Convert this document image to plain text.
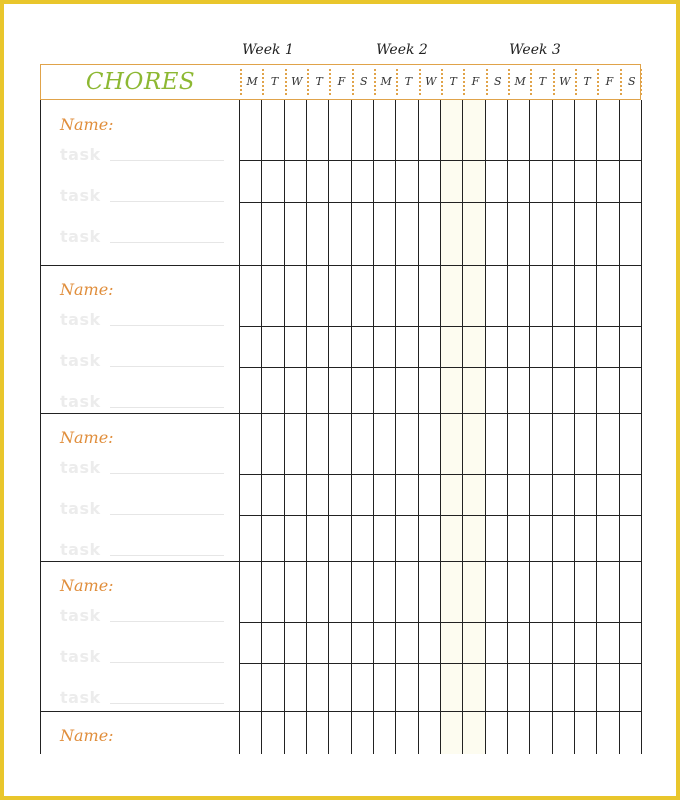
Week 1	Week 2	Week 3
CHORES	M	T	W	T	F	S	M	T	W	T	F	S	M	T	W	T	F	S
Name:
task
task
task
Name:
task
task
task
Name:
task
task
task
Name:
task
task
task
Name:
